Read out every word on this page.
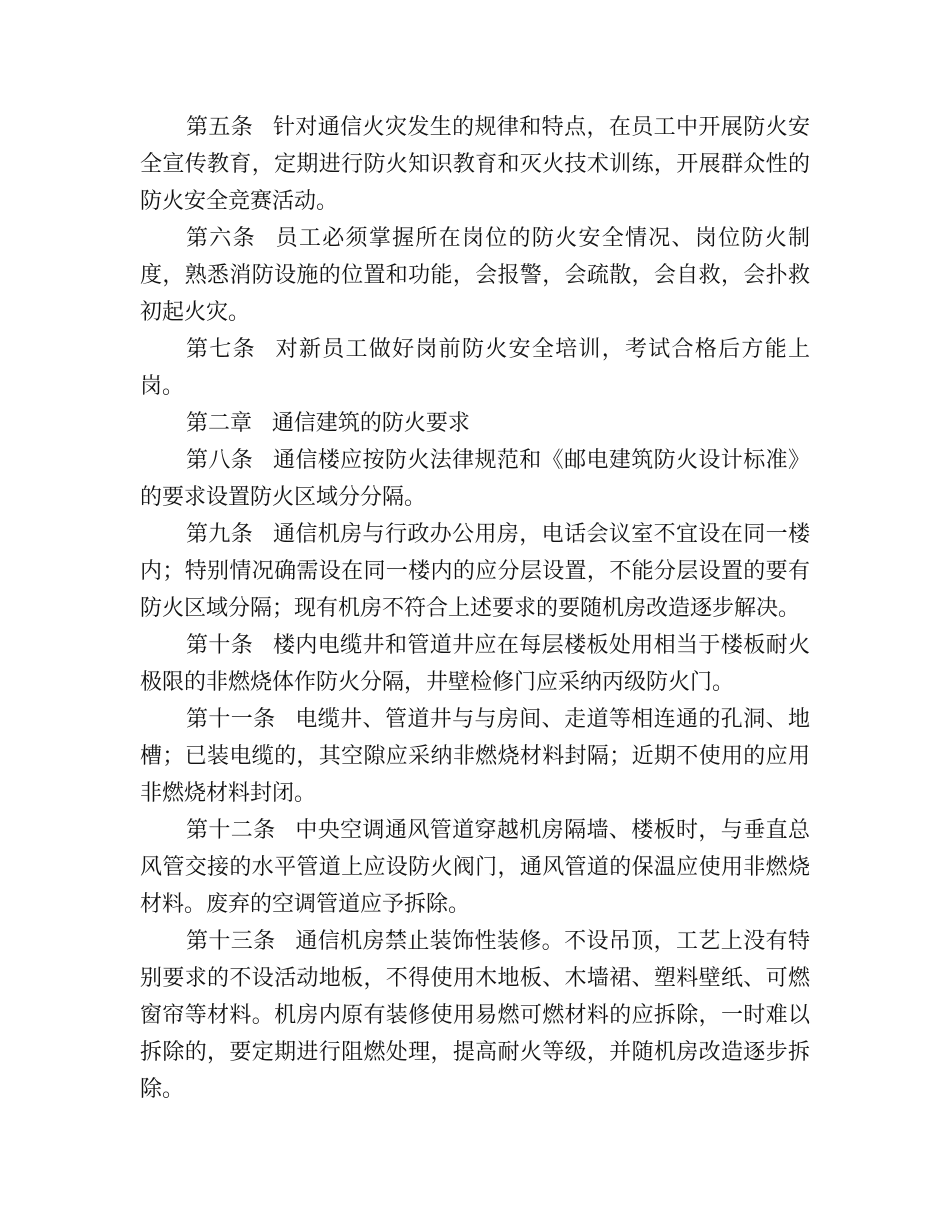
第五条 针对通信火灾发生的规律和特点，在员工中开展防火安全宣传教育，定期进行防火知识教育和灭火技术训练，开展群众性的防火安全竞赛活动。

第六条 员工必须掌握所在岗位的防火安全情况、岗位防火制度，熟悉消防设施的位置和功能，会报警，会疏散，会自救，会扑救初起火灾。

第七条 对新员工做好岗前防火安全培训，考试合格后方能上岗。

第二章 通信建筑的防火要求

第八条 通信楼应按防火法律规范和《邮电建筑防火设计标准》的要求设置防火区域分分隔。

第九条 通信机房与行政办公用房，电话会议室不宜设在同一楼内；特别情况确需设在同一楼内的应分层设置，不能分层设置的要有防火区域分隔；现有机房不符合上述要求的要随机房改造逐步解决。

第十条 楼内电缆井和管道井应在每层楼板处用相当于楼板耐火极限的非燃烧体作防火分隔，井壁检修门应采纳丙级防火门。

第十一条 电缆井、管道井与与房间、走道等相连通的孔洞、地槽；已装电缆的，其空隙应采纳非燃烧材料封隔；近期不使用的应用非燃烧材料封闭。

第十二条 中央空调通风管道穿越机房隔墙、楼板时，与垂直总风管交接的水平管道上应设防火阀门，通风管道的保温应使用非燃烧材料。废弃的空调管道应予拆除。

第十三条 通信机房禁止装饰性装修。不设吊顶，工艺上没有特别要求的不设活动地板，不得使用木地板、木墙裙、塑料壁纸、可燃窗帘等材料。机房内原有装修使用易燃可燃材料的应拆除，一时难以拆除的，要定期进行阻燃处理，提高耐火等级，并随机房改造逐步拆除。
